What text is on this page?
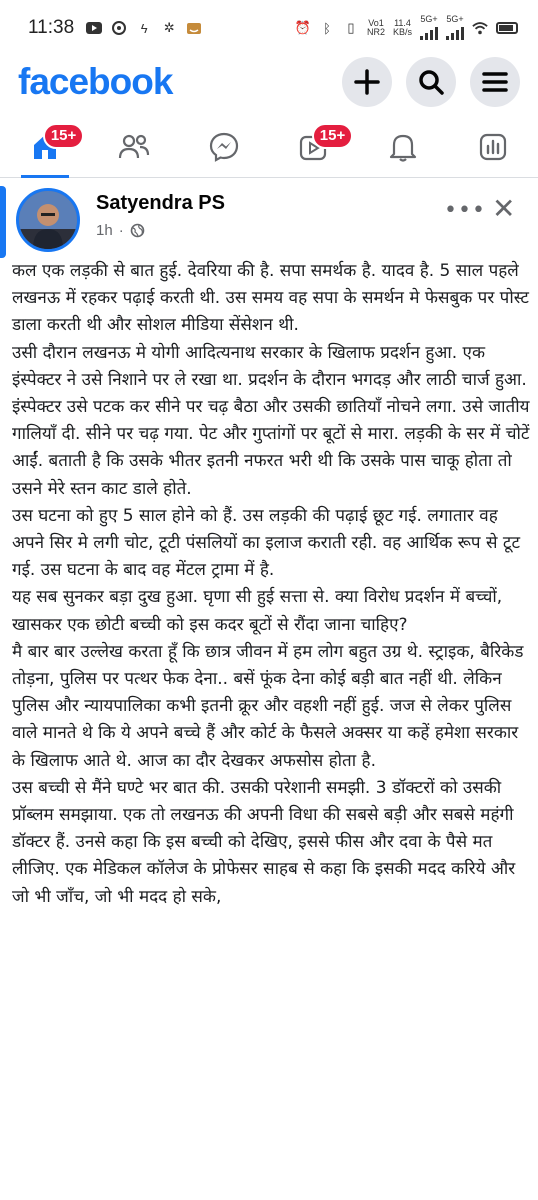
11:38	ϟ	✲	⏰ ᛒ	▯	Vo1
NR2
11.4
KB/s
5G+ 5G+

facebook
15+	15+
Satyendra PS
1h ·
••• ✕

कल एक लड़की से बात हुई. देवरिया की है. सपा समर्थक है. यादव है. 5 साल पहले लखनऊ में रहकर पढ़ाई करती थी. उस समय वह सपा के समर्थन मे फेसबुक पर पोस्ट डाला करती थी और सोशल मीडिया सेंसेशन थी.

उसी दौरान लखनऊ मे योगी आदित्यनाथ सरकार के खिलाफ प्रदर्शन हुआ. एक इंस्पेक्टर ने उसे निशाने पर ले रखा था. प्रदर्शन के दौरान भगदड़ और लाठी चार्ज हुआ. इंस्पेक्टर उसे पटक कर सीने पर चढ़ बैठा और उसकी छातियाँ नोचने लगा. उसे जातीय गालियाँ दी. सीने पर चढ़ गया. पेट और गुप्तांगों पर बूटों से मारा. लड़की के सर में चोटें आईं. बताती है कि उसके भीतर इतनी नफरत भरी थी कि उसके पास चाकू होता तो उसने मेरे स्तन काट डाले होते.

उस घटना को हुए 5 साल होने को हैं. उस लड़की की पढ़ाई छूट गई. लगातार वह अपने सिर मे लगी चोट, टूटी पंसलियों का इलाज कराती रही. वह आर्थिक रूप से टूट गई. उस घटना के बाद वह मेंटल ट्रामा में है.

यह सब सुनकर बड़ा दुख हुआ. घृणा सी हुई सत्ता से. क्या विरोध प्रदर्शन में बच्चों, खासकर एक छोटी बच्ची को इस कदर बूटों से रौंदा जाना चाहिए?

मै बार बार उल्लेख करता हूँ कि छात्र जीवन में हम लोग बहुत उग्र थे. स्ट्राइक, बैरिकेड तोड़ना, पुलिस पर पत्थर फेक देना.. बसें फूंक देना कोई बड़ी बात नहीं थी. लेकिन पुलिस और न्यायपालिका कभी इतनी क्रूर और वहशी नहीं हुई. जज से लेकर पुलिस वाले मानते थे कि ये अपने बच्चे हैं और कोर्ट के फैसले अक्सर या कहें हमेशा सरकार के खिलाफ आते थे. आज का दौर देखकर अफसोस होता है.

उस बच्ची से मैंने घण्टे भर बात की. उसकी परेशानी समझी. 3 डॉक्टरों को उसकी प्रॉब्लम समझाया. एक तो लखनऊ की अपनी विधा की सबसे बड़ी और सबसे महंगी डॉक्टर हैं. उनसे कहा कि इस बच्ची को देखिए, इससे फीस और दवा के पैसे मत लीजिए. एक मेडिकल कॉलेज के प्रोफेसर साहब से कहा कि इसकी मदद करिये और जो भी जाँच, जो भी मदद हो सके,
